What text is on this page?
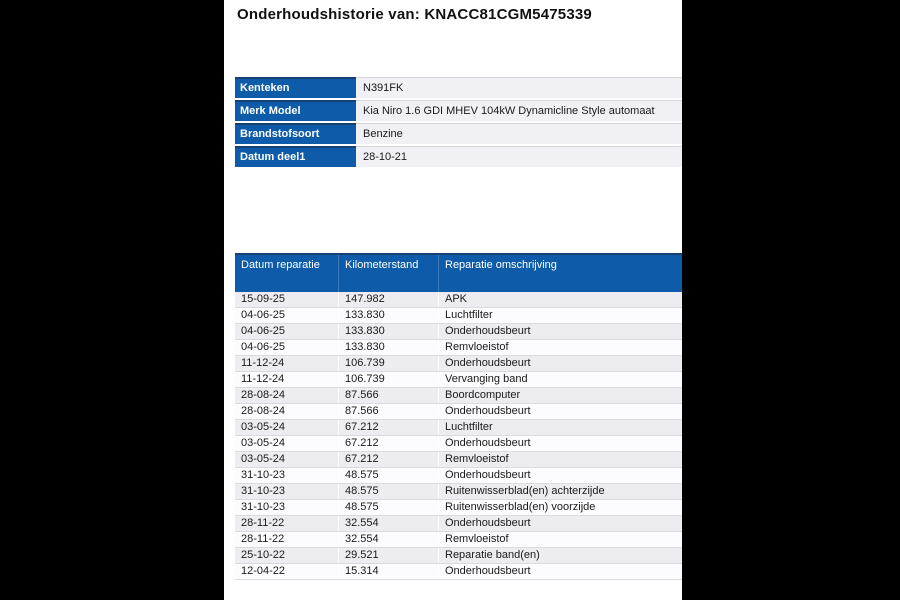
Onderhoudshistorie van: KNACC81CGM5475339
Kenteken	N391FK
Merk Model	Kia Niro 1.6 GDI MHEV 104kW Dynamicline Style automaat
Brandstofsoort	Benzine
Datum deel1	28-10-21
Datum reparatie	Kilometerstand	Reparatie omschrijving
15-09-25	147.982	APK
04-06-25	133.830	Luchtfilter
04-06-25	133.830	Onderhoudsbeurt
04-06-25	133.830	Remvloeistof
11-12-24	106.739	Onderhoudsbeurt
11-12-24	106.739	Vervanging band
28-08-24	87.566	Boordcomputer
28-08-24	87.566	Onderhoudsbeurt
03-05-24	67.212	Luchtfilter
03-05-24	67.212	Onderhoudsbeurt
03-05-24	67.212	Remvloeistof
31-10-23	48.575	Onderhoudsbeurt
31-10-23	48.575	Ruitenwisserblad(en) achterzijde
31-10-23	48.575	Ruitenwisserblad(en) voorzijde
28-11-22	32.554	Onderhoudsbeurt
28-11-22	32.554	Remvloeistof
25-10-22	29.521	Reparatie band(en)
12-04-22	15.314	Onderhoudsbeurt
